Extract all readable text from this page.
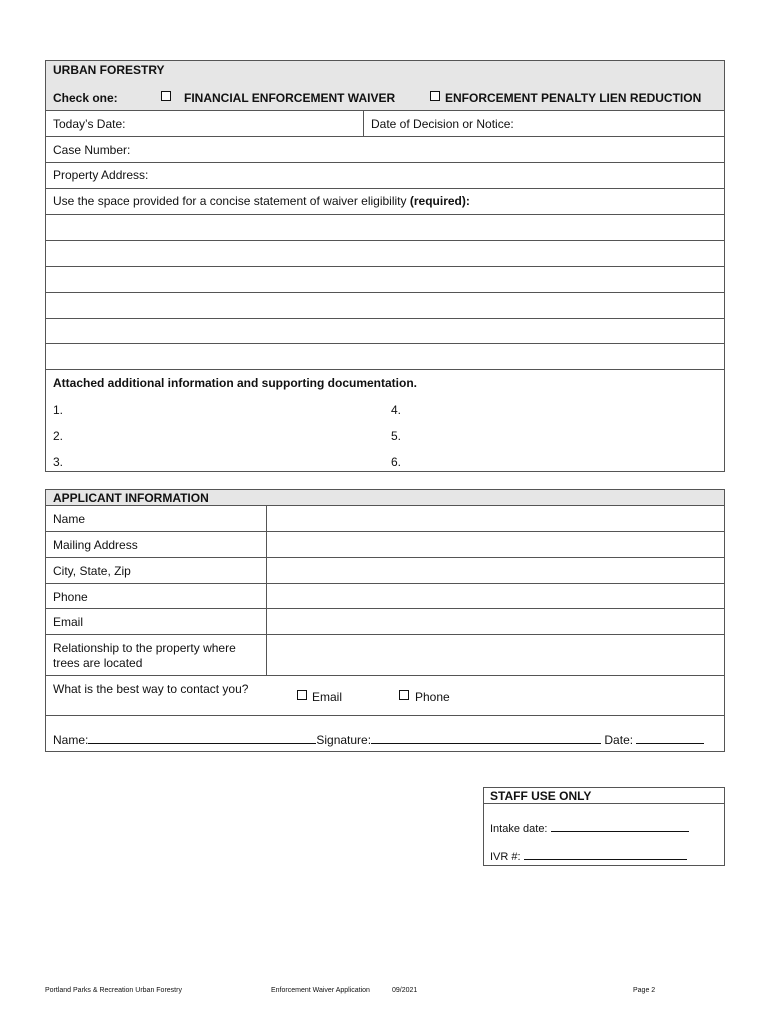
URBAN FORESTRY
Check one:	FINANCIAL ENFORCEMENT WAIVER	ENFORCEMENT PENALTY LIEN REDUCTION
Today’s Date:	Date of Decision or Notice:
Case Number:
Property Address:
Use the space provided for a concise statement of waiver eligibility (required):
Attached additional information and supporting documentation.
1.
2.
3.
4.
5.
6.
APPLICANT INFORMATION
Name
Mailing Address
City, State, Zip
Phone
Email
Relationship to the property where
trees are located
What is the best way to contact you?
Email	Phone
Name:	Signature:	Date:
STAFF USE ONLY
Intake date:
IVR #:
Portland Parks & Recreation Urban Forestry	Enforcement Waiver Application	09/2021	Page 2
